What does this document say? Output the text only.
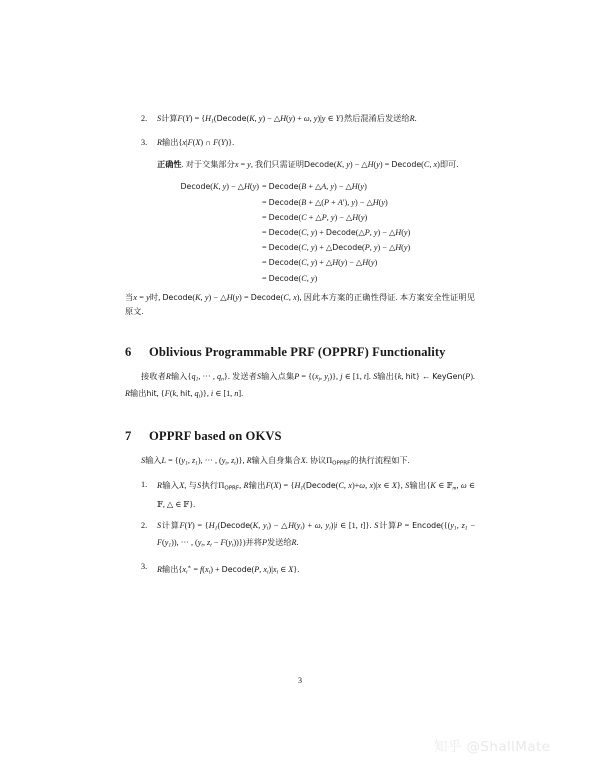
2.	S计算$F(Y) = \{H_1(Decode(K$, y) − △H(y) + ω, y)|y ∈ Y}然后混淆后发送给R.
3.	R输出{x|F(X) ∩ F(Y)}.
正确性. 对于交集部分x = y, 我们只需证明Decode(K, y) − △H(y) = Decode(C, x)即可.
Decode(K, y) − △H(y)	= Decode(B + △A, y) − △H(y)
	= Decode(B + △(P + A′), y) − △H(y)
	= Decode(C + △P, y) − △H(y)
	= Decode(C, y) + Decode(△P, y) − △H(y)
	= Decode(C, y) + △Decode(P, y) − △H(y)
	= Decode(C, y) + △H(y) − △H(y)
	= Decode(C, y)

当x = y时, Decode(K, y) − △H(y) = Decode(C, x), 因此本方案的正确性得证. 本方案安全性证明见原文.

6 Oblivious Programmable PRF (OPPRF) Functionality

接收者R输入{$q_1$, ··· , $q_n$}. 发送者S输入点集$P = \{(x_j$, $y_j$)}, j ∈ [1, t]. S输出{k, hit} ← KeyGen(P). R输出hit, {F(k, hit, $q_i$)}, i ∈ [1, n].

7 OPPRF based on OKVS

S输入$L = \{(y_1$, $z_1$), ··· , ($y_t$, $z_t$)}, R输入自身集合X. 协议ΠOPPRF的执行流程如下.

1.	R输入X, 与S执行ΠOPRF, R输出$F(X) = \{H_1(Decode(C$, x)+ω, x)|x ∈ X}, S输出{K ∈ 𝔽$_m$, ω ∈ 𝔽, △ ∈ 𝔽}.
2.	S计算$F(Y) = \{H_1(Decode(K$, $y_i$) − $\triangle H(y_i) + \omega$, $y_i)|i$ ∈ [1, t]}. S计算$P = Encode(\{(y_1$, $z_1 - F(y_1)$), ··· , ($y_t$, $z_t - F(y_t)$)})并将P发送给R.
3.	R输出{$x_i^∗ = f(x_i)$ + Decode(P, $x_i)|x_i$ ∈ X}.
3
知乎 @ShallMate
